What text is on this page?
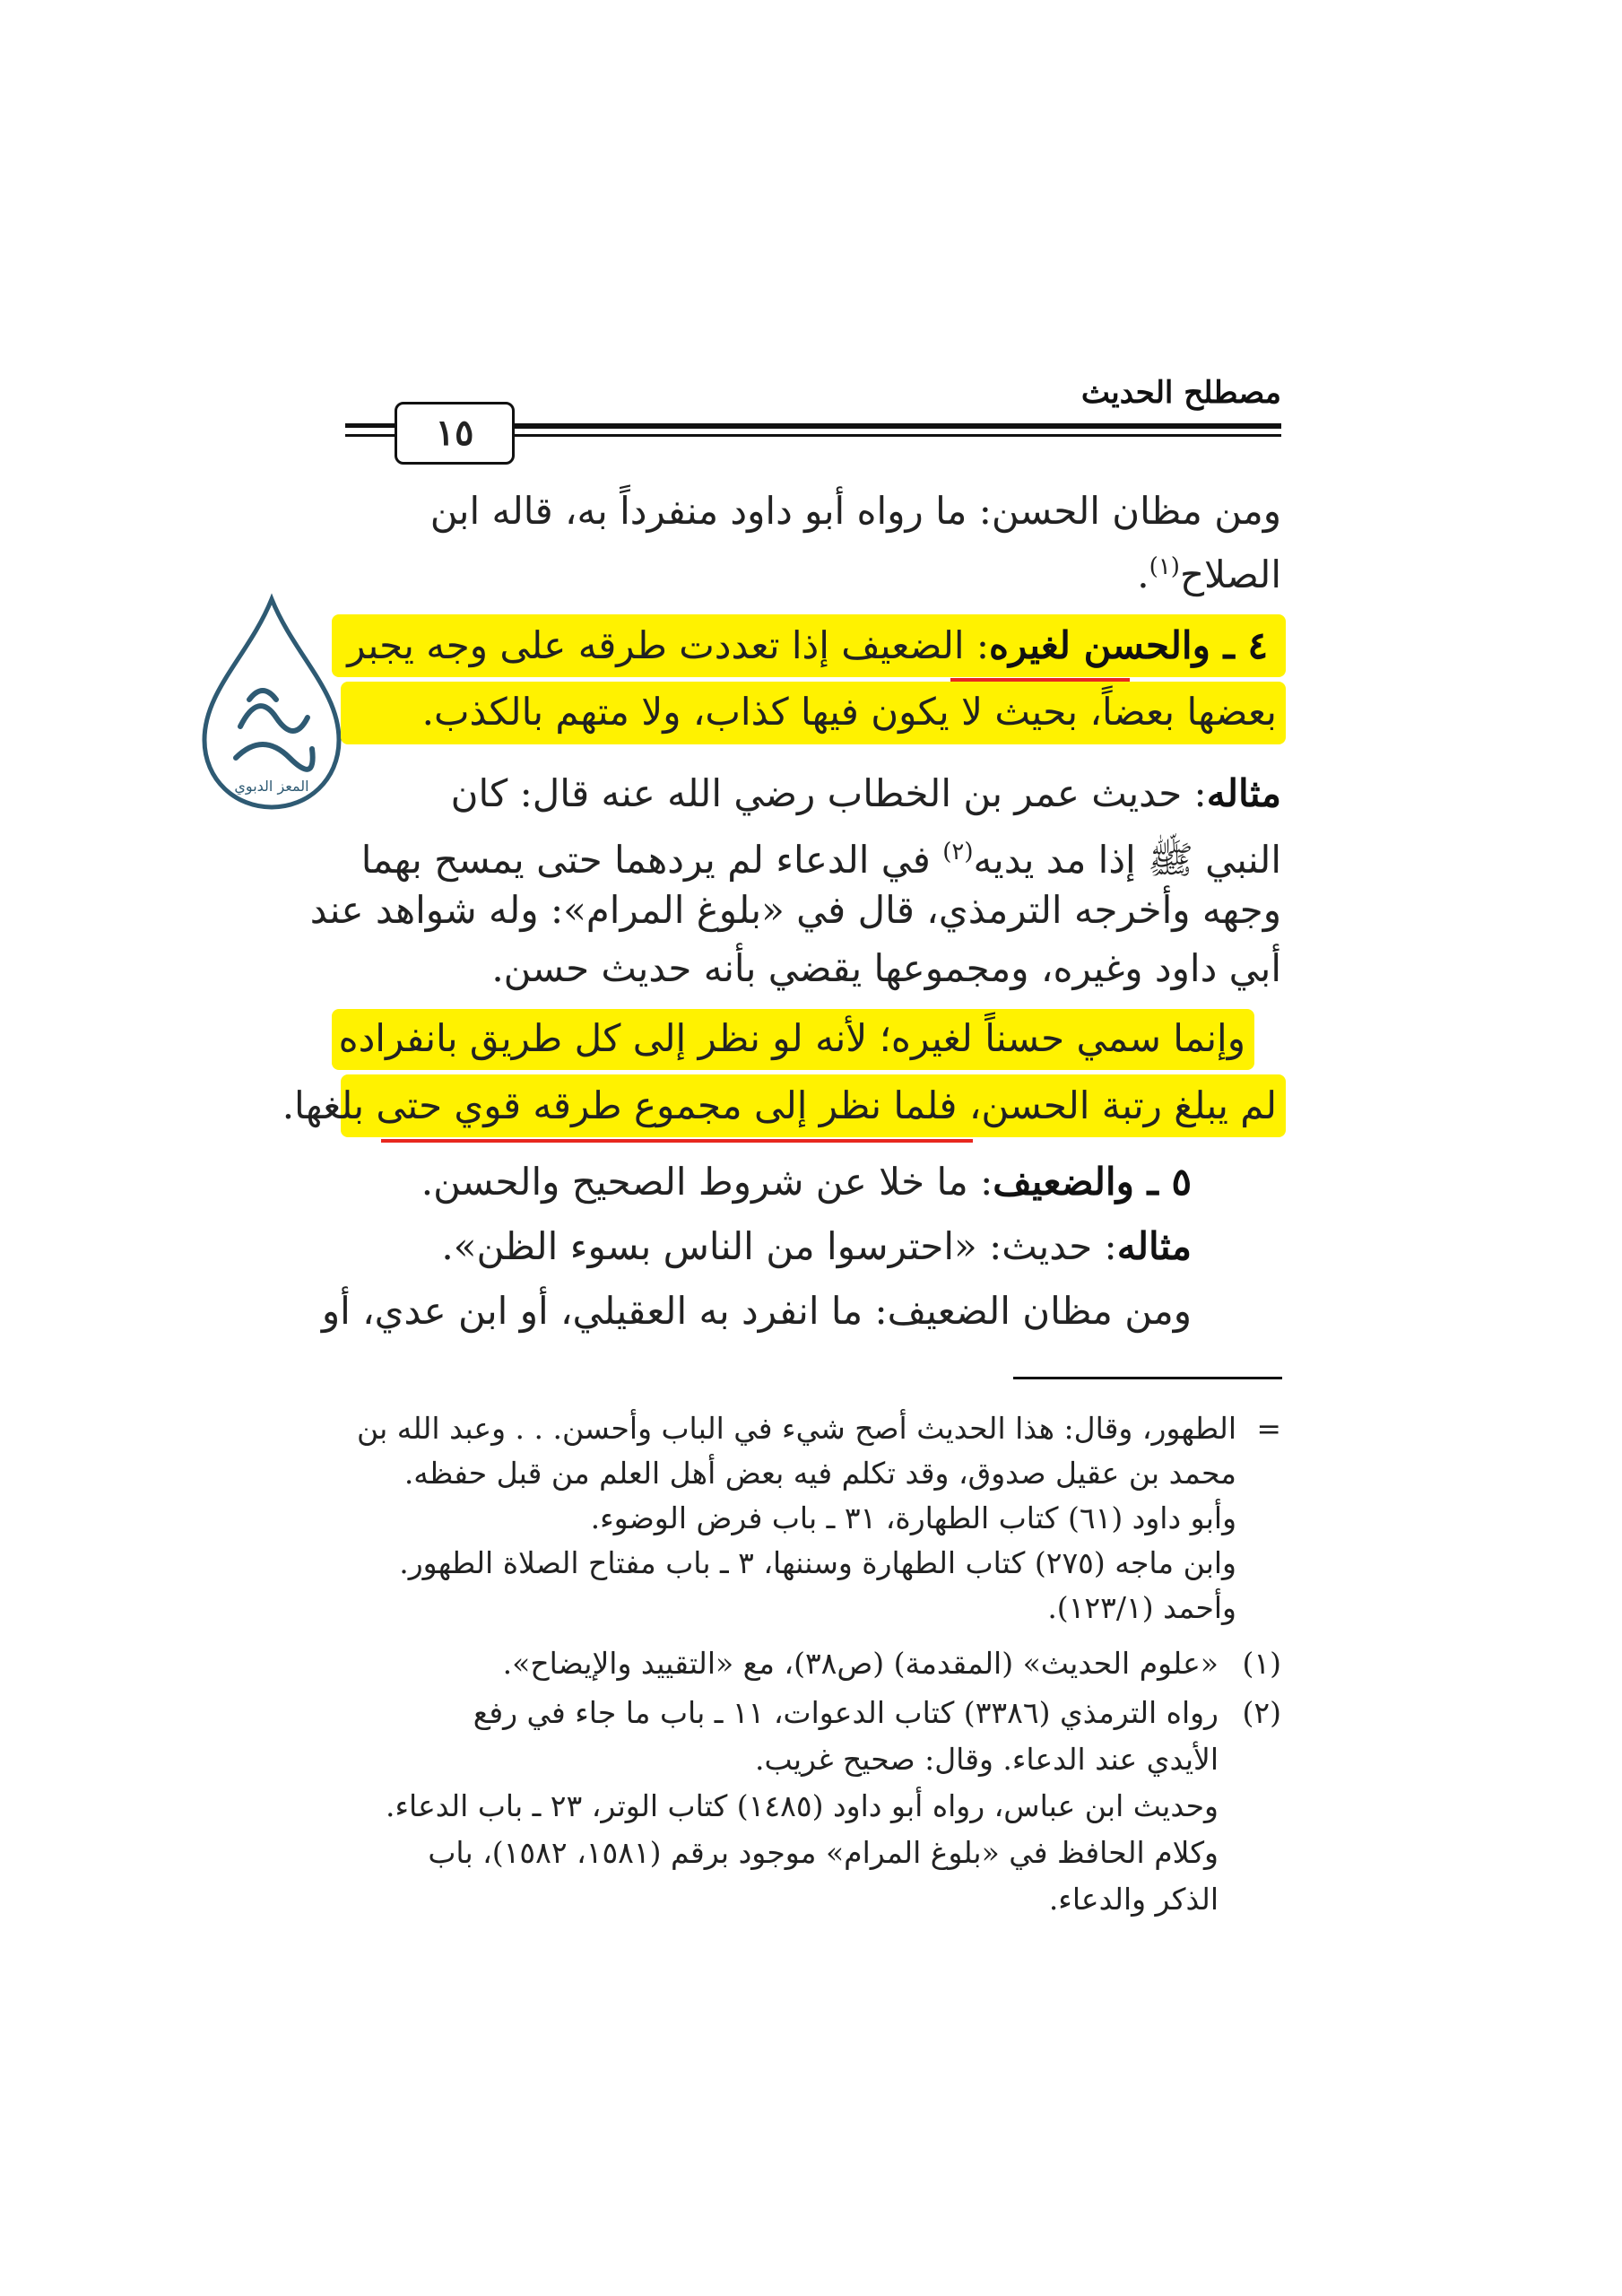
مصطلح الحديث
١٥
المعز الدبوي
ومن مظان الحسن: ما رواه أبو داود منفرداً به، قاله ابن
الصلاح$^{(١)}$.
٤ ـ والحسن لغيره: الضعيف إذا تعددت طرقه على وجه يجبر
بعضها بعضاً، بحيث لا يكون فيها كذاب، ولا متهم بالكذب.
مثاله: حديث عمر بن الخطاب رضي الله عنه قال: كان
النبي ﷺ إذا مد يديه$^{(٢)}$ في الدعاء لم يردهما حتى يمسح بهما
وجهه وأخرجه الترمذي، قال في «بلوغ المرام»: وله شواهد عند
أبي داود وغيره، ومجموعها يقضي بأنه حديث حسن.
وإنما سمي حسناً لغيره؛ لأنه لو نظر إلى كل طريق بانفراده
لم يبلغ رتبة الحسن، فلما نظر إلى مجموع طرقه قوي حتى بلغها.
٥ ـ والضعيف: ما خلا عن شروط الصحيح والحسن.
مثاله: حديث: «احترسوا من الناس بسوء الظن».
ومن مظان الضعيف: ما انفرد به العقيلي، أو ابن عدي، أو
=
الطهور، وقال: هذا الحديث أصح شيء في الباب وأحسن. . . وعبد الله بن
محمد بن عقيل صدوق، وقد تكلم فيه بعض أهل العلم من قبل حفظه.
وأبو داود (٦١) كتاب الطهارة، ٣١ ـ باب فرض الوضوء.
وابن ماجه (٢٧٥) كتاب الطهارة وسننها، ٣ ـ باب مفتاح الصلاة الطهور.
وأحمد (١٢٣/١).
(١)
«علوم الحديث» (المقدمة) (ص٣٨)، مع «التقييد والإيضاح».
(٢)
رواه الترمذي (٣٣٨٦) كتاب الدعوات، ١١ ـ باب ما جاء في رفع
الأيدي عند الدعاء. وقال: صحيح غريب.
وحديث ابن عباس، رواه أبو داود (١٤٨٥) كتاب الوتر، ٢٣ ـ باب الدعاء.
وكلام الحافظ في «بلوغ المرام» موجود برقم (١٥٨١، ١٥٨٢)، باب
الذكر والدعاء.
